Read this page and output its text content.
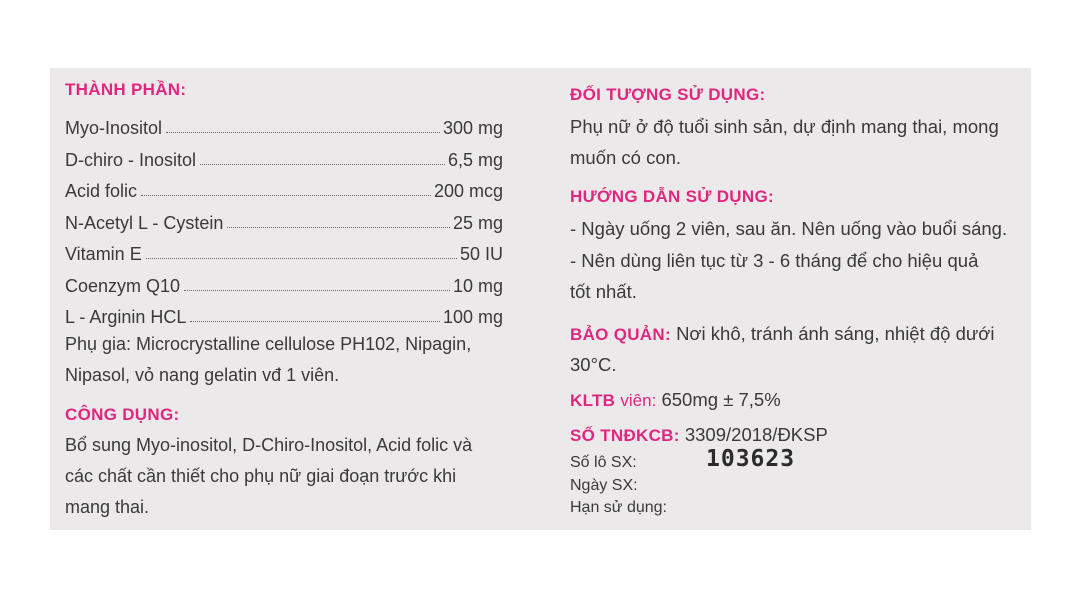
THÀNH PHẦN:
Myo-Inositol	300 mg
D-chiro - Inositol	6,5 mg
Acid folic	200 mcg
N-Acetyl L - Cystein	25 mg
Vitamin E	50 IU
Coenzym Q10	10 mg
L - Arginin HCL	100 mg
Phụ gia: Microcrystalline cellulose PH102, Nipagin,
Nipasol, vỏ nang gelatin vđ 1 viên.
CÔNG DỤNG:
Bổ sung Myo-inositol, D-Chiro-Inositol, Acid folic và
các chất cần thiết cho phụ nữ giai đoạn trước khi
mang thai.
ĐỐI TƯỢNG SỬ DỤNG:
Phụ nữ ở độ tuổi sinh sản, dự định mang thai, mong
muốn có con.
HƯỚNG DẪN SỬ DỤNG:
- Ngày uống 2 viên, sau ăn. Nên uống vào buổi sáng.
- Nên dùng liên tục từ 3 - 6 tháng để cho hiệu quả
tốt nhất.
BẢO QUẢN: Nơi khô, tránh ánh sáng, nhiệt độ dưới
30°C.
KLTB viên: 650mg ± 7,5%
SỐ TNĐKCB: 3309/2018/ĐKSP
Số lô SX:	103623
Ngày SX:
Hạn sử dụng:
